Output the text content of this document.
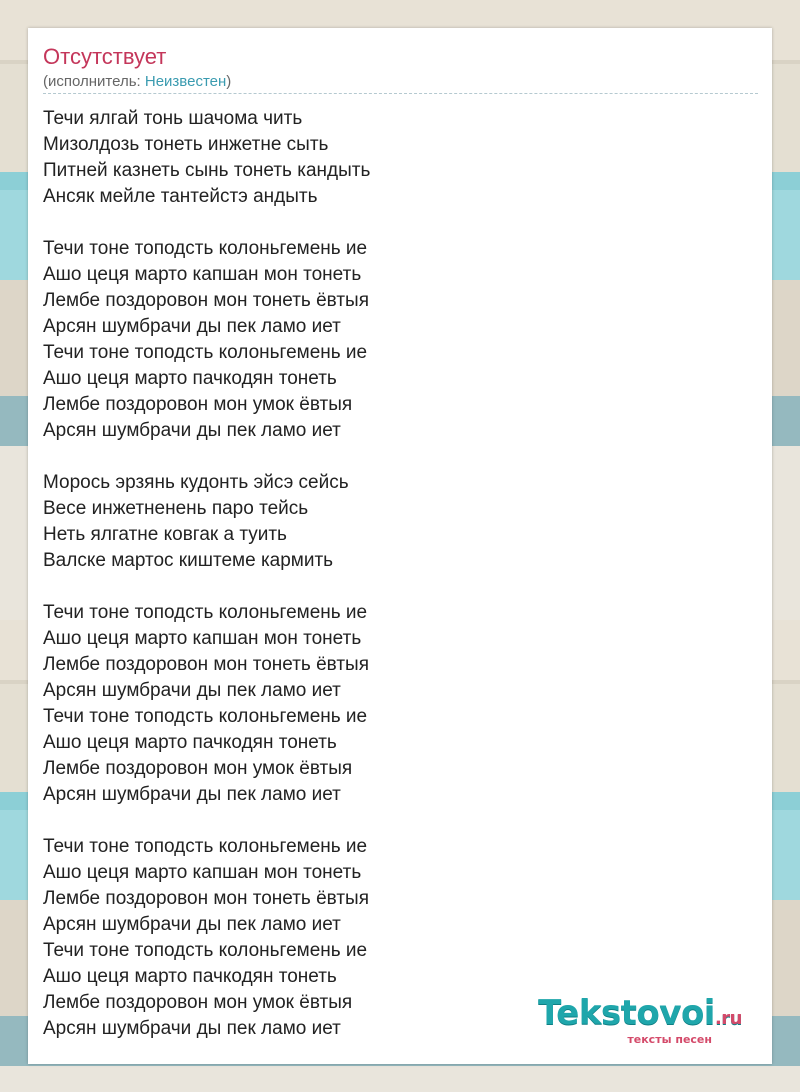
Отсутствует
(исполнитель: Неизвестен)
Течи ялгай тонь шачома чить
Мизолдозь тонеть инжетне сыть
Питней казнеть сынь тонеть кандыть
Ансяк мейле тантейстэ андыть
Течи тоне топодсть колоньгемень ие
Ашо цеця марто капшан мон тонеть
Лембе поздоровон мон тонеть ёвтыя
Арсян шумбрачи ды пек ламо иет
Течи тоне топодсть колоньгемень ие
Ашо цеця марто пачкодян тонеть
Лембе поздоровон мон умок ёвтыя
Арсян шумбрачи ды пек ламо иет
Морось эрзянь кудонть эйсэ сейсь
Весе инжетненень паро тейсь
Неть ялгатне ковгак а туить
Валске мартос киштеме кармить
Течи тоне топодсть колоньгемень ие
Ашо цеця марто капшан мон тонеть
Лембе поздоровон мон тонеть ёвтыя
Арсян шумбрачи ды пек ламо иет
Течи тоне топодсть колоньгемень ие
Ашо цеця марто пачкодян тонеть
Лембе поздоровон мон умок ёвтыя
Арсян шумбрачи ды пек ламо иет
Течи тоне топодсть колоньгемень ие
Ашо цеця марто капшан мон тонеть
Лембе поздоровон мон тонеть ёвтыя
Арсян шумбрачи ды пек ламо иет
Течи тоне топодсть колоньгемень ие
Ашо цеця марто пачкодян тонеть
Лембе поздоровон мон умок ёвтыя
Арсян шумбрачи ды пек ламо иет	Tekstovoi.ru
тексты песен
